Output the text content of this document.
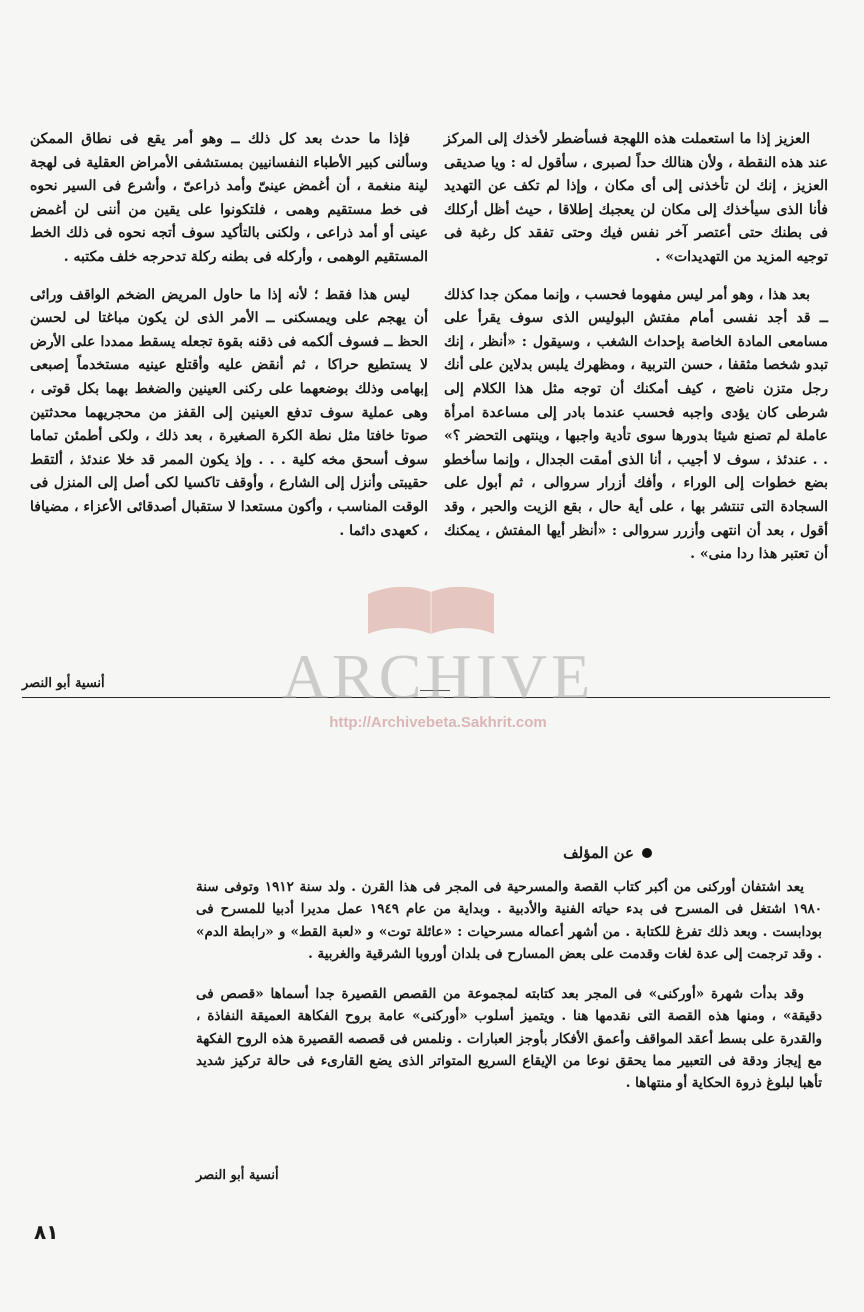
العزيز إذا ما استعملت هذه اللهجة فسأضطر لأخذك إلى المركز عند هذه النقطة ، ولأن هنالك حداً لصبرى ، سأقول له : ويا صديقى العزيز ، إنك لن تأخذنى إلى أى مكان ، وإذا لم تكف عن التهديد فأنا الذى سيأخذك إلى مكان لن يعجبك إطلاقا ، حيث أظل أركلك فى بطنك حتى أعتصر آخر نفس فيك وحتى تفقد كل رغبة فى توجيه المزيد من التهديدات» .

بعد هذا ، وهو أمر ليس مفهوما فحسب ، وإنما ممكن جدا كذلك ــ قد أجد نفسى أمام مفتش البوليس الذى سوف يقرأ على مسامعى المادة الخاصة بإحداث الشغب ، وسيقول : «أنظر ، إنك تبدو شخصا مثقفا ، حسن التربية ، ومظهرك يلبس بدلاين على أنك رجل متزن ناضج ، كيف أمكنك أن توجه مثل هذا الكلام إلى شرطى كان يؤدى واجبه فحسب عندما بادر إلى مساعدة امرأة عاملة لم تصنع شيئا بدورها سوى تأدية واجبها ، وينتهى التحضر ؟» . . عندئذ ، سوف لا أجيب ، أنا الذى أمقت الجدال ، وإنما سأخطو بضع خطوات إلى الوراء ، وأفك أزرار سروالى ، ثم أبول على السجادة التى تنتشر بها ، على أية حال ، بقع الزيت والحبر ، وقد أقول ، بعد أن انتهى وأزرر سروالى : «أنظر أيها المفتش ، يمكنك أن تعتبر هذا ردا منى» .

فإذا ما حدث بعد كل ذلك ــ وهو أمر يقع فى نطاق الممكن وسألنى كبير الأطباء النفسانيين بمستشفى الأمراض العقلية فى لهجة لينة منغمة ، أن أغمض عينىّ وأمد ذراعىّ ، وأشرع فى السير نحوه فى خط مستقيم وهمى ، فلتكونوا على يقين من أننى لن أغمض عينى أو أمد ذراعى ، ولكنى بالتأكيد سوف أتجه نحوه فى ذلك الخط المستقيم الوهمى ، وأركله فى بطنه ركلة تدحرجه خلف مكتبه .

ليس هذا فقط ؛ لأنه إذا ما حاول المريض الضخم الواقف ورائى أن يهجم على ويمسكنى ــ الأمر الذى لن يكون مباغتا لى لحسن الحظ ــ فسوف ألكمه فى ذقنه بقوة تجعله يسقط ممددا على الأرض لا يستطيع حراكا ، ثم أنقض عليه وأقتلع عينيه مستخدماً إصبعى إبهامى وذلك بوضعهما على ركنى العينين والضغط بهما بكل قوتى ، وهى عملية سوف تدفع العينين إلى القفز من محجريهما محدثتين صوتا خافتا مثل نطة الكرة الصغيرة ، بعد ذلك ، ولكى أطمئن تماما سوف أسحق مخه كلية . . . وإذ يكون الممر قد خلا عندئذ ، ألتقط حقيبتى وأنزل إلى الشارع ، وأوقف تاكسيا لكى أصل إلى المنزل فى الوقت المناسب ، وأكون مستعدا لا ستقبال أصدقائى الأعزاء ، مضيافا ، كعهدى دائما .

أنسية أبو النصر	ARCHIVE
http://Archivebeta.Sakhrit.com
عن المؤلف

يعد اشتفان أوركنى من أكبر كتاب القصة والمسرحية فى المجر فى هذا القرن . ولد سنة ١٩١٢ وتوفى سنة ١٩٨٠ اشتغل فى المسرح فى بدء حياته الفنية والأدبية . وبداية من عام ١٩٤٩ عمل مديرا أدبيا للمسرح فى بودابست . وبعد ذلك تفرغ للكتابة . من أشهر أعماله مسرحيات : «عائلة توت» و «لعبة القط» و «رابطة الدم» . وقد ترجمت إلى عدة لغات وقدمت على بعض المسارح فى بلدان أوروبا الشرقية والغربية .

وقد بدأت شهرة «أوركنى» فى المجر بعد كتابته لمجموعة من القصص القصيرة جدا أسماها «قصص فى دقيقة» ، ومنها هذه القصة التى نقدمها هنا . ويتميز أسلوب «أوركنى» عامة بروح الفكاهة العميقة النفاذة ، والقدرة على بسط أعقد المواقف وأعمق الأفكار بأوجز العبارات . ونلمس فى قصصه القصيرة هذه الروح الفكهة مع إيجاز ودقة فى التعبير مما يحقق نوعا من الإيقاع السريع المتواتر الذى يضع القارىء فى حالة تركيز شديد تأهبا لبلوغ ذروة الحكاية أو منتهاها .

أنسية أبو النصر
٨١
